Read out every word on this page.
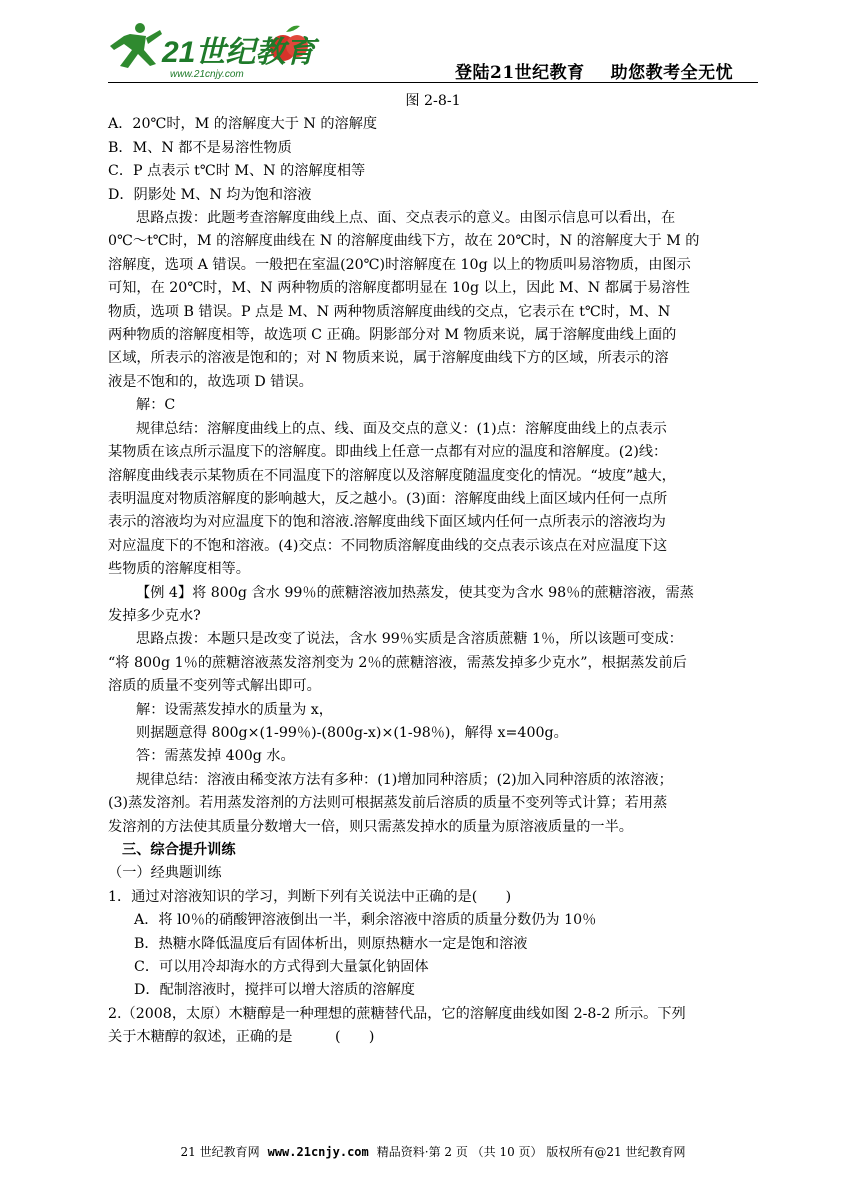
21世纪教育
www.21cnjy.com	登陆21世纪教育 助您教考全无忧

图 2-8-1

A．20℃时，M 的溶解度大于 N 的溶解度

B．M、N 都不是易溶性物质

C．P 点表示 t℃时 M、N 的溶解度相等

D．阴影处 M、N 均为饱和溶液

思路点拨：此题考查溶解度曲线上点、面、交点表示的意义。由图示信息可以看出，在

0℃～t℃时，M 的溶解度曲线在 N 的溶解度曲线下方，故在 20℃时，N 的溶解度大于 M 的

溶解度，选项 A 错误。一般把在室温(20℃)时溶解度在 10g 以上的物质叫易溶物质，由图示

可知，在 20℃时，M、N 两种物质的溶解度都明显在 10g 以上，因此 M、N 都属于易溶性

物质，选项 B 错误。P 点是 M、N 两种物质溶解度曲线的交点，它表示在 t℃时，M、N

两种物质的溶解度相等，故选项 C 正确。阴影部分对 M 物质来说，属于溶解度曲线上面的

区域，所表示的溶液是饱和的；对 N 物质来说，属于溶解度曲线下方的区域，所表示的溶

液是不饱和的，故选项 D 错误。

解：C

规律总结：溶解度曲线上的点、线、面及交点的意义：(1)点：溶解度曲线上的点表示

某物质在该点所示温度下的溶解度。即曲线上任意一点都有对应的温度和溶解度。(2)线：

溶解度曲线表示某物质在不同温度下的溶解度以及溶解度随温度变化的情况。“坡度”越大，

表明温度对物质溶解度的影响越大，反之越小。(3)面：溶解度曲线上面区域内任何一点所

表示的溶液均为对应温度下的饱和溶液.溶解度曲线下面区域内任何一点所表示的溶液均为

对应温度下的不饱和溶液。(4)交点：不同物质溶解度曲线的交点表示该点在对应温度下这

些物质的溶解度相等。

【例 4】将 800g 含水 99％的蔗糖溶液加热蒸发，使其变为含水 98％的蔗糖溶液，需蒸

发掉多少克水?

思路点拨：本题只是改变了说法，含水 99％实质是含溶质蔗糖 1％，所以该题可变成：

“将 800g 1％的蔗糖溶液蒸发溶剂变为 2％的蔗糖溶液，需蒸发掉多少克水”，根据蒸发前后

溶质的质量不变列等式解出即可。

解：设需蒸发掉水的质量为 x，

则据题意得 800g×(1-99％)-(800g-x)×(1-98％)，解得 x=400g。

答：需蒸发掉 400g 水。

规律总结：溶液由稀变浓方法有多种：(1)增加同种溶质；(2)加入同种溶质的浓溶液；

(3)蒸发溶剂。若用蒸发溶剂的方法则可根据蒸发前后溶质的质量不变列等式计算；若用蒸

发溶剂的方法使其质量分数增大一倍，则只需蒸发掉水的质量为原溶液质量的一半。

三、综合提升训练

（一）经典题训练

1．通过对溶液知识的学习，判断下列有关说法中正确的是(　　)

A．将 l0％的硝酸钾溶液倒出一半，剩余溶液中溶质的质量分数仍为 10％

B．热糖水降低温度后有固体析出，则原热糖水一定是饱和溶液

C．可以用冷却海水的方式得到大量氯化钠固体

D．配制溶液时，搅拌可以增大溶质的溶解度

2.（2008，太原）木糖醇是一种理想的蔗糖替代品，它的溶解度曲线如图 2-8-2 所示。下列

关于木糖醇的叙述，正确的是　　　(　　)

21 世纪教育网 www.21cnjy.com 精品资料·第 2 页 （共 10 页） 版权所有@21 世纪教育网
